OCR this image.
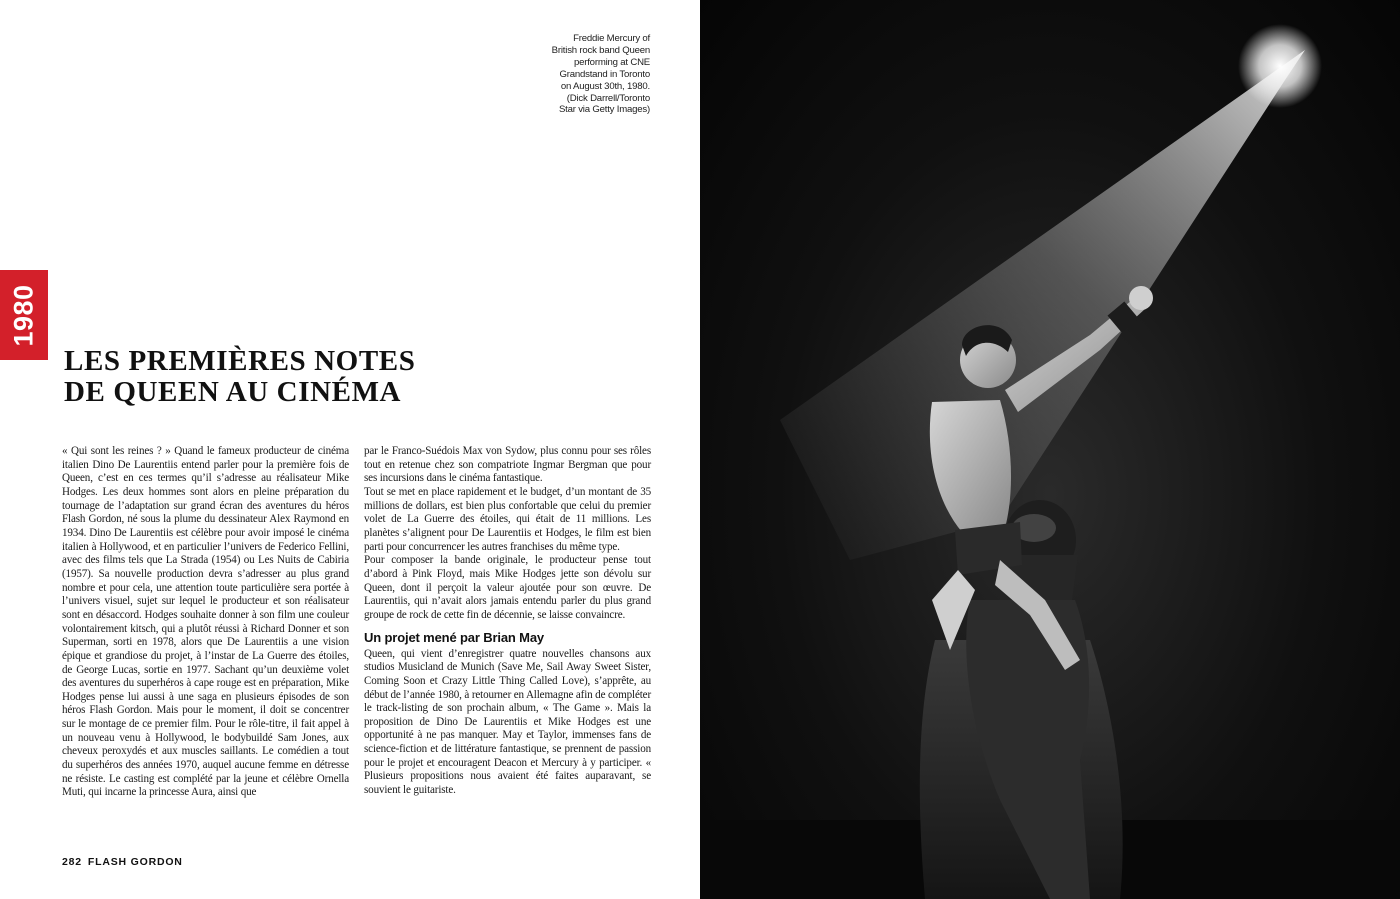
Freddie Mercury of British rock band Queen performing at CNE Grandstand in Toronto on August 30th, 1980. (Dick Darrell/Toronto Star via Getty Images)
1980
LES PREMIÈRES NOTES
DE QUEEN AU CINÉMA

« Qui sont les reines ? » Quand le fameux producteur de cinéma italien Dino De Laurentiis entend parler pour la première fois de Queen, c’est en ces termes qu’il s’adresse au réalisateur Mike Hodges. Les deux hommes sont alors en pleine préparation du tournage de l’adaptation sur grand écran des aventures du héros Flash Gordon, né sous la plume du dessinateur Alex Raymond en 1934. Dino De Laurentiis est célèbre pour avoir imposé le cinéma italien à Hollywood, et en particulier l’univers de Federico Fellini, avec des films tels que La Strada (1954) ou Les Nuits de Cabiria (1957). Sa nouvelle production devra s’adresser au plus grand nombre et pour cela, une attention toute particulière sera portée à l’univers visuel, sujet sur lequel le producteur et son réalisateur sont en désaccord. Hodges souhaite donner à son film une couleur volontairement kitsch, qui a plutôt réussi à Richard Donner et son Superman, sorti en 1978, alors que De Laurentiis a une vision épique et grandiose du projet, à l’instar de La Guerre des étoiles, de George Lucas, sortie en 1977. Sachant qu’un deuxième volet des aventures du superhéros à cape rouge est en préparation, Mike Hodges pense lui aussi à une saga en plusieurs épisodes de son héros Flash Gordon. Mais pour le moment, il doit se concentrer sur le montage de ce premier film. Pour le rôle-titre, il fait appel à un nouveau venu à Hollywood, le bodybuildé Sam Jones, aux cheveux peroxydés et aux muscles saillants. Le comédien a tout du superhéros des années 1970, auquel aucune femme en détresse ne résiste. Le casting est complété par la jeune et célèbre Ornella Muti, qui incarne la princesse Aura, ainsi que

par le Franco-Suédois Max von Sydow, plus connu pour ses rôles tout en retenue chez son compatriote Ingmar Bergman que pour ses incursions dans le cinéma fantastique.

Tout se met en place rapidement et le budget, d’un montant de 35 millions de dollars, est bien plus confortable que celui du premier volet de La Guerre des étoiles, qui était de 11 millions. Les planètes s’alignent pour De Laurentiis et Hodges, le film est bien parti pour concurrencer les autres franchises du même type.

Pour composer la bande originale, le producteur pense tout d’abord à Pink Floyd, mais Mike Hodges jette son dévolu sur Queen, dont il perçoit la valeur ajoutée pour son œuvre. De Laurentiis, qui n’avait alors jamais entendu parler du plus grand groupe de rock de cette fin de décennie, se laisse convaincre.

Un projet mené par Brian May

Queen, qui vient d’enregistrer quatre nouvelles chansons aux studios Musicland de Munich (Save Me, Sail Away Sweet Sister, Coming Soon et Crazy Little Thing Called Love), s’apprête, au début de l’année 1980, à retourner en Allemagne afin de compléter le track-listing de son prochain album, « The Game ». Mais la proposition de Dino De Laurentiis et Mike Hodges est une opportunité à ne pas manquer. May et Taylor, immenses fans de science-fiction et de littérature fantastique, se prennent de passion pour le projet et encouragent Deacon et Mercury à y participer. « Plusieurs propositions nous avaient été faites auparavant, se souvient le guitariste.

282 FLASH GORDON
